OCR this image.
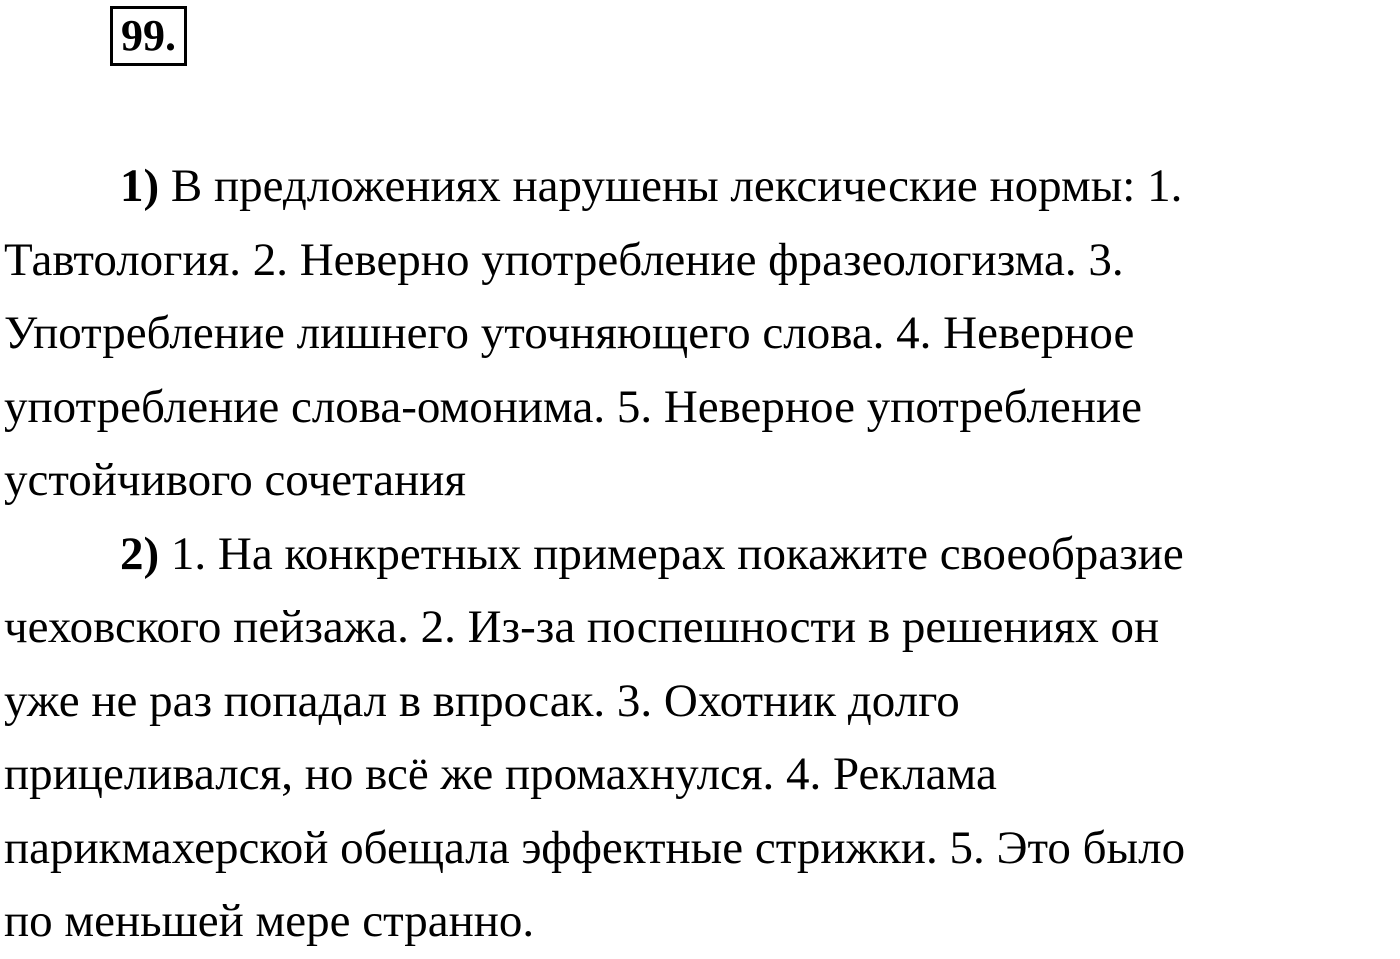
99.

1) В предложениях нарушены лексические нормы: 1.
Тавтология. 2. Неверно употребление фразеологизма. 3.
Употребление лишнего уточняющего слова. 4. Неверное
употребление слова-омонима. 5. Неверное употребление
устойчивого сочетания

2) 1. На конкретных примерах покажите своеобразие
чеховского пейзажа. 2. Из-за поспешности в решениях он
уже не раз попадал в впросак. 3. Охотник долго
прицеливался, но всё же промахнулся. 4. Реклама
парикмахерской обещала эффектные стрижки. 5. Это было
по меньшей мере странно.
